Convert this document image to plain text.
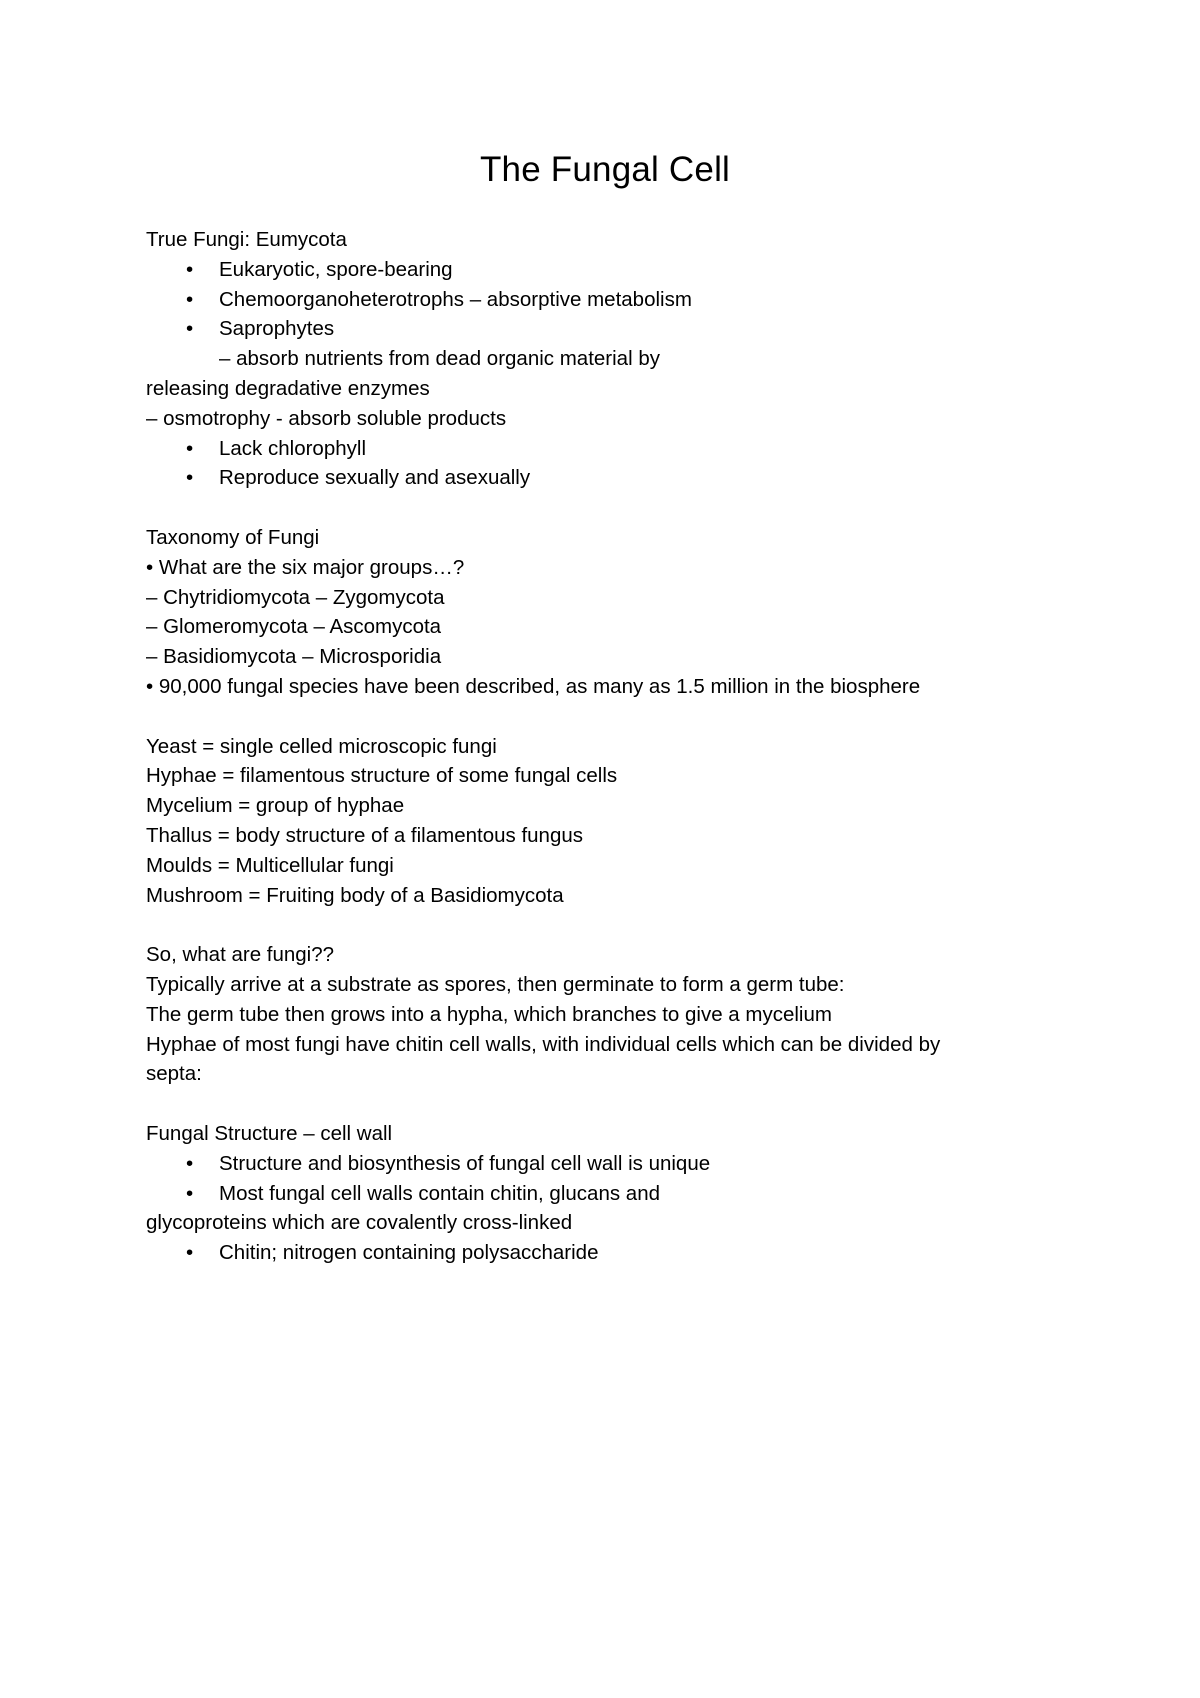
The Fungal Cell
True Fungi: Eumycota
• Eukaryotic, spore-bearing
• Chemoorganoheterotrophs – absorptive metabolism
• Saprophytes
– absorb nutrients from dead organic material by
releasing degradative enzymes
– osmotrophy - absorb soluble products
• Lack chlorophyll
• Reproduce sexually and asexually
Taxonomy of Fungi
• What are the six major groups…?
– Chytridiomycota – Zygomycota
– Glomeromycota – Ascomycota
– Basidiomycota – Microsporidia
• 90,000 fungal species have been described, as many as 1.5 million in the biosphere
Yeast = single celled microscopic fungi
Hyphae = filamentous structure of some fungal cells
Mycelium = group of hyphae
Thallus = body structure of a filamentous fungus
Moulds = Multicellular fungi
Mushroom = Fruiting body of a Basidiomycota
So, what are fungi??
Typically arrive at a substrate as spores, then germinate to form a germ tube:
The germ tube then grows into a hypha, which branches to give a mycelium
Hyphae of most fungi have chitin cell walls, with individual cells which can be divided by
septa:
Fungal Structure – cell wall
• Structure and biosynthesis of fungal cell wall is unique
• Most fungal cell walls contain chitin, glucans and
glycoproteins which are covalently cross-linked
• Chitin; nitrogen containing polysaccharide
